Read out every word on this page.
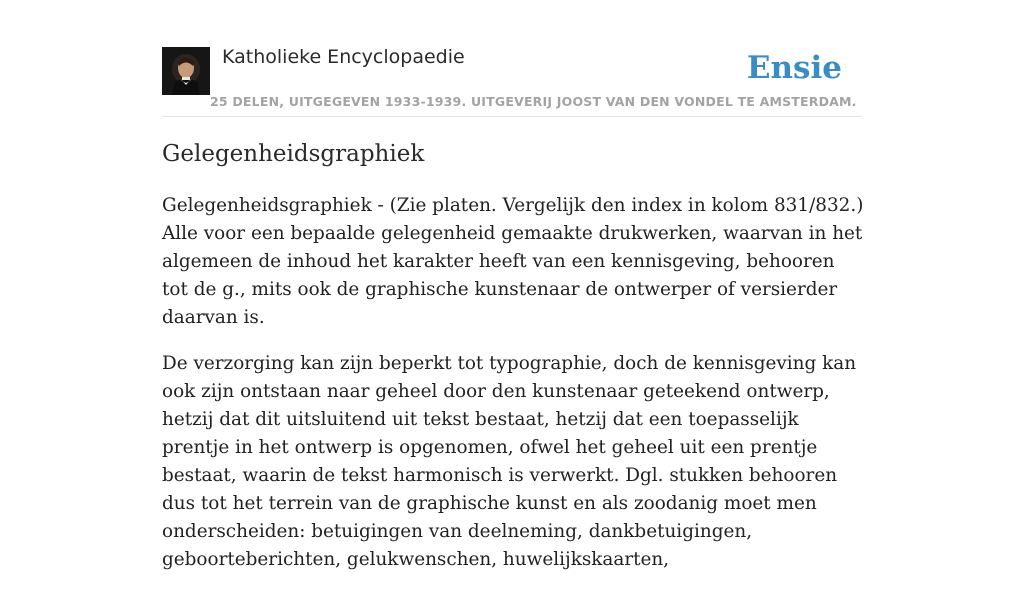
Katholieke Encyclopaedie
25 DELEN, UITGEGEVEN 1933-1939. UITGEVERIJ JOOST VAN DEN VONDEL TE AMSTERDAM.
Ensie
Gelegenheidsgraphiek

Gelegenheidsgraphiek - (Zie platen. Vergelijk den index in kolom 831/832.) Alle voor een bepaalde gelegenheid gemaakte drukwerken, waarvan in het algemeen de inhoud het karakter heeft van een kennisgeving, behooren tot de g., mits ook de graphische kunstenaar de ontwerper of versierder daarvan is.

De verzorging kan zijn beperkt tot typographie, doch de kennisgeving kan ook zijn ontstaan naar geheel door den kunstenaar geteekend ontwerp, hetzij dat dit uitsluitend uit tekst bestaat, hetzij dat een toepasselijk prentje in het ontwerp is opgenomen, ofwel het geheel uit een prentje bestaat, waarin de tekst harmonisch is verwerkt. Dgl. stukken behooren dus tot het terrein van de graphische kunst en als zoodanig moet men onderscheiden: betuigingen van deelneming, dankbetuigingen, geboorteberichten, gelukwenschen, huwelijkskaarten,
